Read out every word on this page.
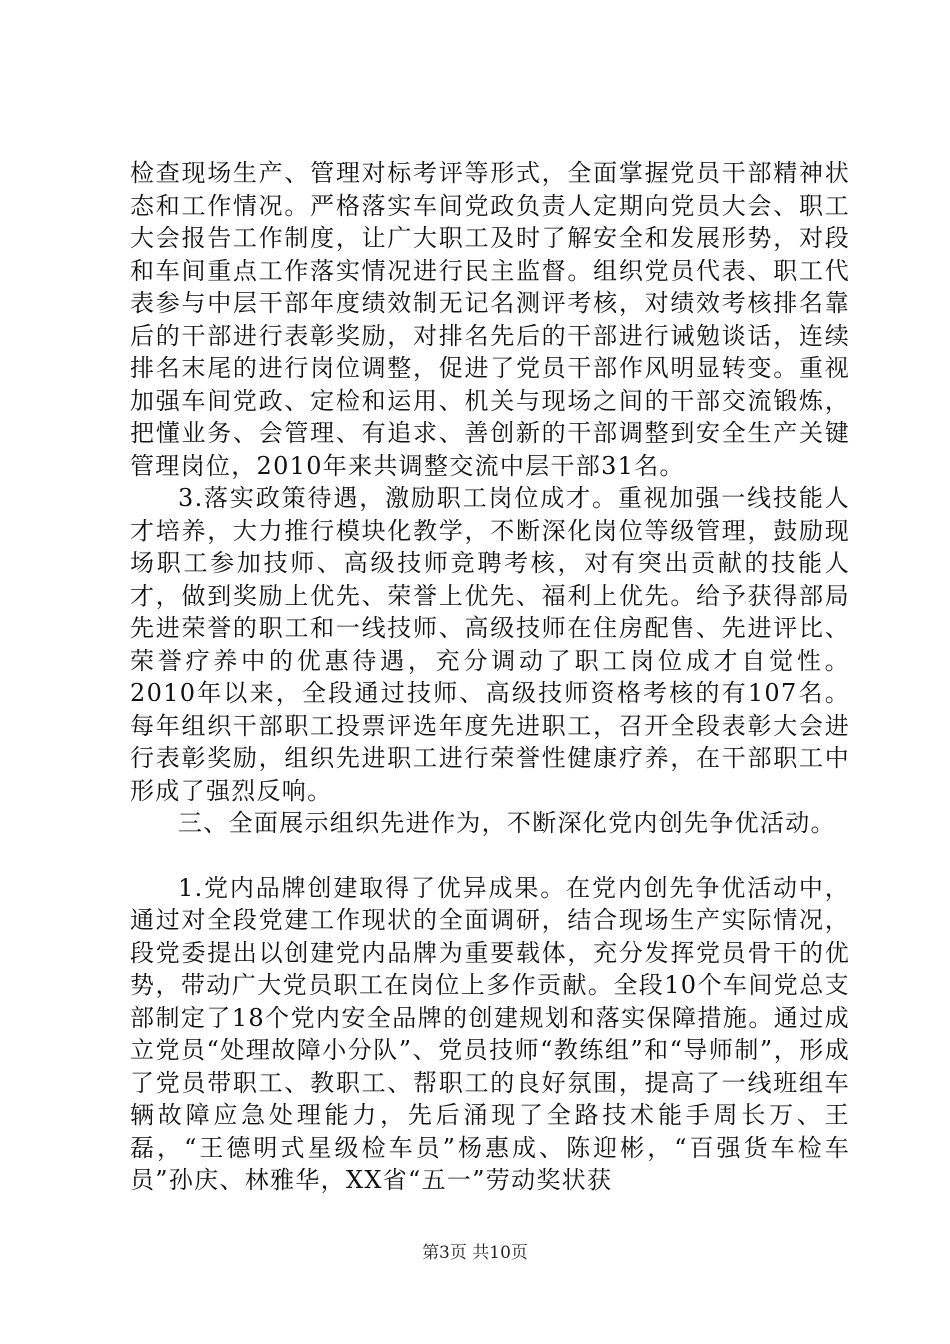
检查现场生产、管理对标考评等形式，全面掌握党员干部精神状态和工作情况。严格落实车间党政负责人定期向党员大会、职工大会报告工作制度，让广大职工及时了解安全和发展形势，对段和车间重点工作落实情况进行民主监督。组织党员代表、职工代表参与中层干部年度绩效制无记名测评考核，对绩效考核排名靠后的干部进行表彰奖励，对排名先后的干部进行诫勉谈话，连续排名末尾的进行岗位调整，促进了党员干部作风明显转变。重视加强车间党政、定检和运用、机关与现场之间的干部交流锻炼，把懂业务、会管理、有追求、善创新的干部调整到安全生产关键管理岗位，2010年来共调整交流中层干部31名。

3.落实政策待遇，激励职工岗位成才。重视加强一线技能人才培养，大力推行模块化教学，不断深化岗位等级管理，鼓励现场职工参加技师、高级技师竞聘考核，对有突出贡献的技能人才，做到奖励上优先、荣誉上优先、福利上优先。给予获得部局先进荣誉的职工和一线技师、高级技师在住房配售、先进评比、荣誉疗养中的优惠待遇，充分调动了职工岗位成才自觉性。2010年以来，全段通过技师、高级技师资格考核的有107名。每年组织干部职工投票评选年度先进职工，召开全段表彰大会进行表彰奖励，组织先进职工进行荣誉性健康疗养，在干部职工中形成了强烈反响。

三、全面展示组织先进作为，不断深化党内创先争优活动。

1.党内品牌创建取得了优异成果。在党内创先争优活动中，通过对全段党建工作现状的全面调研，结合现场生产实际情况，段党委提出以创建党内品牌为重要载体，充分发挥党员骨干的优势，带动广大党员职工在岗位上多作贡献。全段10个车间党总支部制定了18个党内安全品牌的创建规划和落实保障措施。通过成立党员“处理故障小分队”、党员技师“教练组”和“导师制”，形成了党员带职工、教职工、帮职工的良好氛围，提高了一线班组车辆故障应急处理能力，先后涌现了全路技术能手周长万、王磊，“王德明式星级检车员”杨惠成、陈迎彬，“百强货车检车员”孙庆、林雅华，XX省“五一”劳动奖状获

第3页 共10页
